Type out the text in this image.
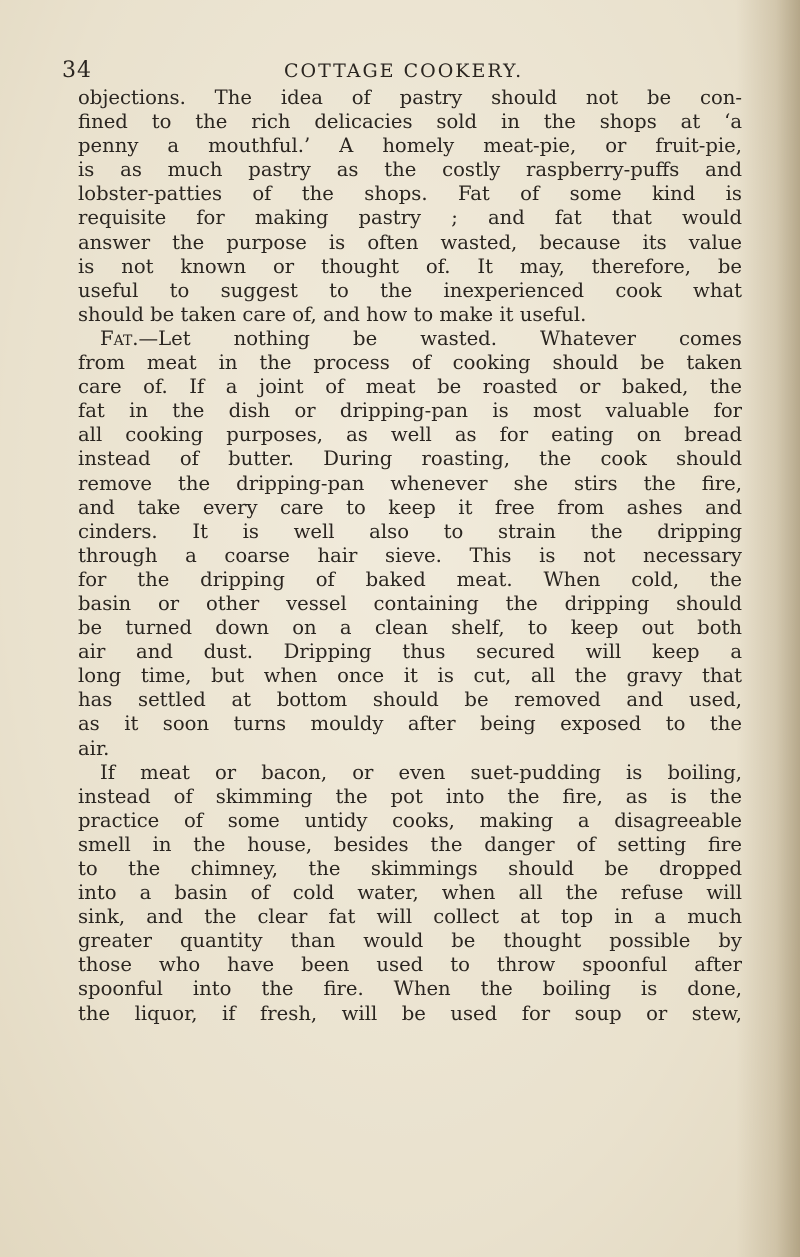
34	COTTAGE COOKERY.
objections. The idea of pastry should not be con-
fined to the rich delicacies sold in the shops at ‘a
penny a mouthful.’ A homely meat-pie, or fruit-pie,
is as much pastry as the costly raspberry-puffs and
lobster-patties of the shops. Fat of some kind is
requisite for making pastry ; and fat that would
answer the purpose is often wasted, because its value
is not known or thought of. It may, therefore, be
useful to suggest to the inexperienced cook what
should be taken care of, and how to make it useful.
Fat.—Let nothing be wasted. Whatever comes
from meat in the process of cooking should be taken
care of. If a joint of meat be roasted or baked, the
fat in the dish or dripping-pan is most valuable for
all cooking purposes, as well as for eating on bread
instead of butter. During roasting, the cook should
remove the dripping-pan whenever she stirs the fire,
and take every care to keep it free from ashes and
cinders. It is well also to strain the dripping
through a coarse hair sieve. This is not necessary
for the dripping of baked meat. When cold, the
basin or other vessel containing the dripping should
be turned down on a clean shelf, to keep out both
air and dust. Dripping thus secured will keep a
long time, but when once it is cut, all the gravy that
has settled at bottom should be removed and used,
as it soon turns mouldy after being exposed to the
air.
If meat or bacon, or even suet-pudding is boiling,
instead of skimming the pot into the fire, as is the
practice of some untidy cooks, making a disagreeable
smell in the house, besides the danger of setting fire
to the chimney, the skimmings should be dropped
into a basin of cold water, when all the refuse will
sink, and the clear fat will collect at top in a much
greater quantity than would be thought possible by
those who have been used to throw spoonful after
spoonful into the fire. When the boiling is done,
the liquor, if fresh, will be used for soup or stew,
